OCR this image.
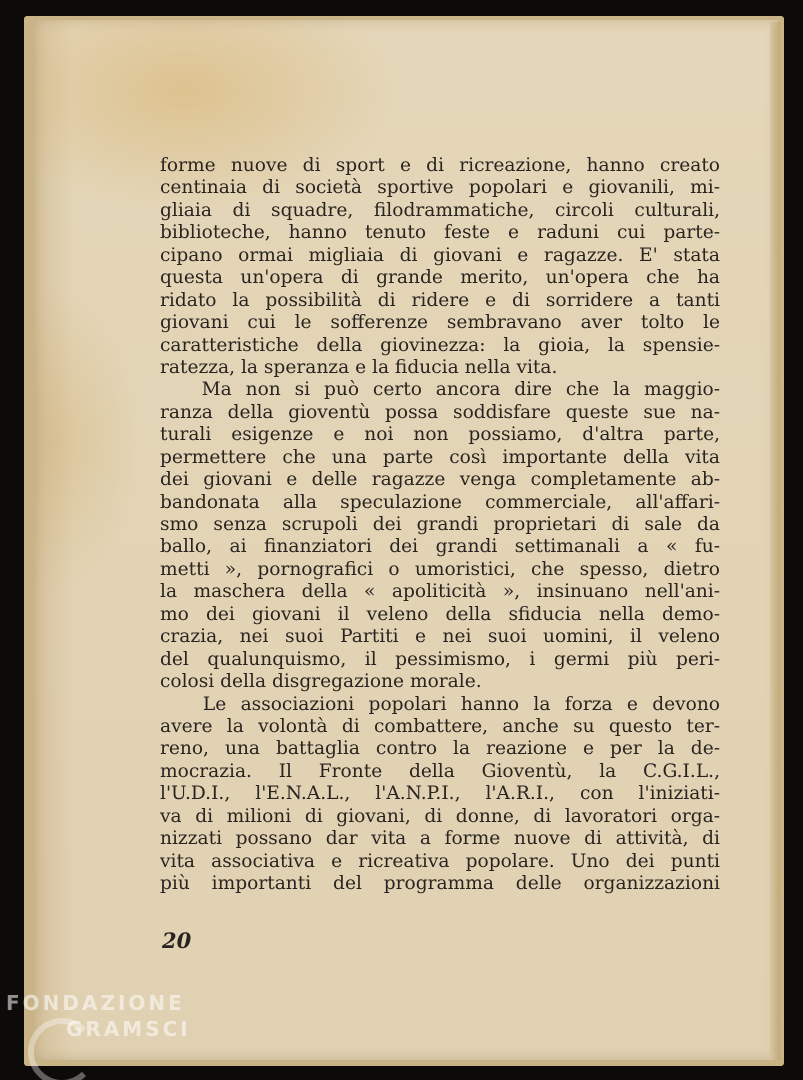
forme nuove di sport e di ricreazione, hanno creato
centinaia di società sportive popolari e giovanili, mi-
gliaia di squadre, filodrammatiche, circoli culturali,
biblioteche, hanno tenuto feste e raduni cui parte-
cipano ormai migliaia di giovani e ragazze. E' stata
questa un'opera di grande merito, un'opera che ha
ridato la possibilità di ridere e di sorridere a tanti
giovani cui le sofferenze sembravano aver tolto le
caratteristiche della giovinezza: la gioia, la spensie-
ratezza, la speranza e la fiducia nella vita.
Ma non si può certo ancora dire che la maggio-
ranza della gioventù possa soddisfare queste sue na-
turali esigenze e noi non possiamo, d'altra parte,
permettere che una parte così importante della vita
dei giovani e delle ragazze venga completamente ab-
bandonata alla speculazione commerciale, all'affari-
smo senza scrupoli dei grandi proprietari di sale da
ballo, ai finanziatori dei grandi settimanali a « fu-
metti », pornografici o umoristici, che spesso, dietro
la maschera della « apoliticità », insinuano nell'ani-
mo dei giovani il veleno della sfiducia nella demo-
crazia, nei suoi Partiti e nei suoi uomini, il veleno
del qualunquismo, il pessimismo, i germi più peri-
colosi della disgregazione morale.
Le associazioni popolari hanno la forza e devono
avere la volontà di combattere, anche su questo ter-
reno, una battaglia contro la reazione e per la de-
mocrazia. Il Fronte della Gioventù, la C.G.I.L.,
l'U.D.I., l'E.N.A.L., l'A.N.P.I., l'A.R.I., con l'iniziati-
va di milioni di giovani, di donne, di lavoratori orga-
nizzati possano dar vita a forme nuove di attività, di
vita associativa e ricreativa popolare. Uno dei punti
più importanti del programma delle organizzazioni
20
FONDAZIONE
GRAMSCI
